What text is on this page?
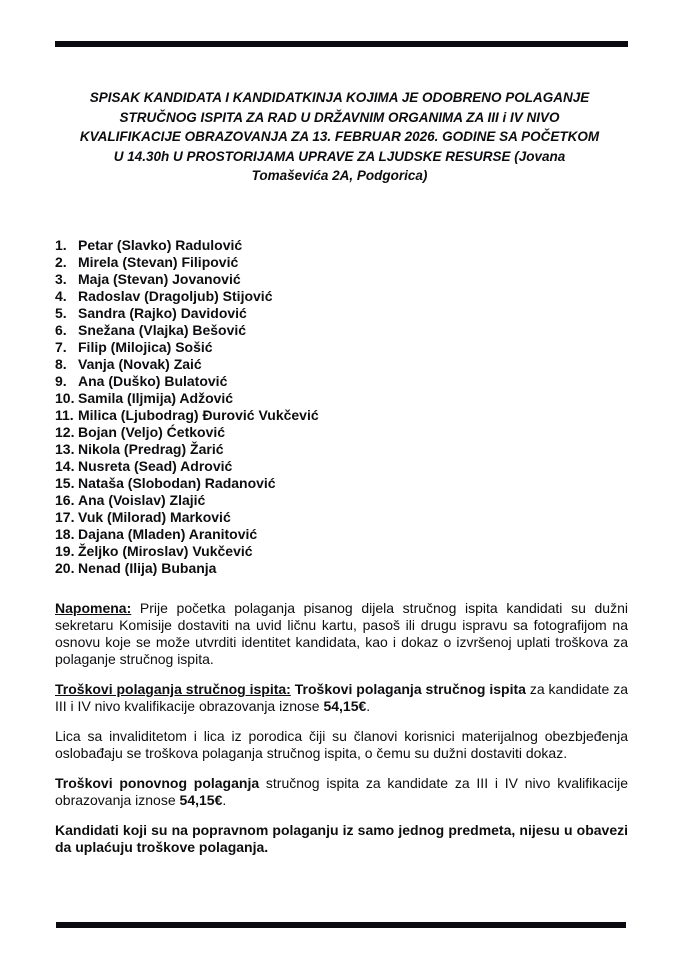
SPISAK KANDIDATA I KANDIDATKINJA KOJIMA JE ODOBRENO POLAGANJE
STRUČNOG ISPITA ZA RAD U DRŽAVNIM ORGANIMA ZA III i IV NIVO
KVALIFIKACIJE OBRAZOVANJA ZA 13. FEBRUAR 2026. GODINE SA POČETKOM
U 14.30h U PROSTORIJAMA UPRAVE ZA LJUDSKE RESURSE (Jovana
Tomaševića 2A, Podgorica)
1. Petar (Slavko) Radulović
2. Mirela (Stevan) Filipović
3. Maja (Stevan) Jovanović
4. Radoslav (Dragoljub) Stijović
5. Sandra (Rajko) Davidović
6. Snežana (Vlajka) Bešović
7. Filip (Milojica) Sošić
8. Vanja (Novak) Zaić
9. Ana (Duško) Bulatović
10. Samila (Iljmija) Adžović
11. Milica (Ljubodrag) Đurović Vukčević
12. Bojan (Veljo) Ćetković
13. Nikola (Predrag) Žarić
14. Nusreta (Sead) Adrović
15. Nataša (Slobodan) Radanović
16. Ana (Voislav) Zlajić
17. Vuk (Milorad) Marković
18. Dajana (Mladen) Aranitović
19. Željko (Miroslav) Vukčević
20. Nenad (Ilija) Bubanja

Napomena: Prije početka polaganja pisanog dijela stručnog ispita kandidati su dužni sekretaru Komisije dostaviti na uvid ličnu kartu, pasoš ili drugu ispravu sa fotografijom na osnovu koje se može utvrditi identitet kandidata, kao i dokaz o izvršenoj uplati troškova za polaganje stručnog ispita.

Troškovi polaganja stručnog ispita: Troškovi polaganja stručnog ispita za kandidate za III i IV nivo kvalifikacije obrazovanja iznose 54,15€.

Lica sa invaliditetom i lica iz porodica čiji su članovi korisnici materijalnog obezbjeđenja oslobađaju se troškova polaganja stručnog ispita, o čemu su dužni dostaviti dokaz.

Troškovi ponovnog polaganja stručnog ispita za kandidate za III i IV nivo kvalifikacije obrazovanja iznose 54,15€.

Kandidati koji su na popravnom polaganju iz samo jednog predmeta, nijesu u obavezi da uplaćuju troškove polaganja.
